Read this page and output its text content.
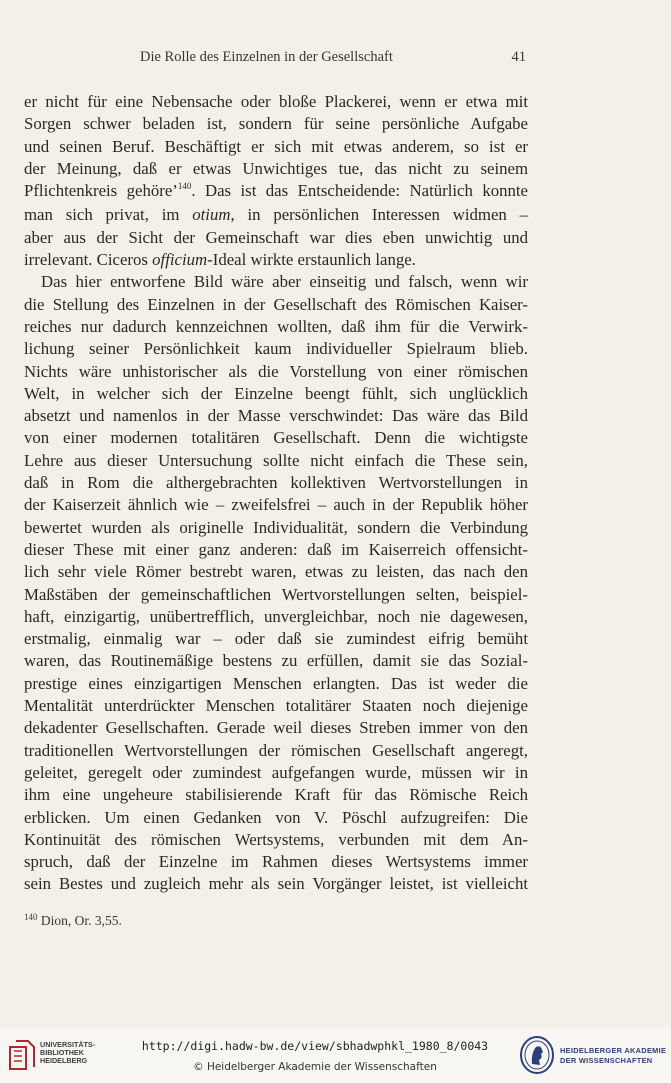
Die Rolle des Einzelnen in der Gesellschaft	41

er nicht für eine Nebensache oder bloße Plackerei, wenn er etwa mit
Sorgen schwer beladen ist, sondern für seine persönliche Aufgabe
und seinen Beruf. Beschäftigt er sich mit etwas anderem, so ist er
der Meinung, daß er etwas Unwichtiges tue, das nicht zu seinem
Pflichtenkreis gehöre’$^{140}$. Das ist das Entscheidende: Natürlich konnte
man sich privat, im otium, in persönlichen Interessen widmen –
aber aus der Sicht der Gemeinschaft war dies eben unwichtig und
irrelevant. Ciceros officium-Ideal wirkte erstaunlich lange.

Das hier entworfene Bild wäre aber einseitig und falsch, wenn wir
die Stellung des Einzelnen in der Gesellschaft des Römischen Kaiser-
reiches nur dadurch kennzeichnen wollten, daß ihm für die Verwirk-
lichung seiner Persönlichkeit kaum individueller Spielraum blieb.
Nichts wäre unhistorischer als die Vorstellung von einer römischen
Welt, in welcher sich der Einzelne beengt fühlt, sich unglücklich
absetzt und namenlos in der Masse verschwindet: Das wäre das Bild
von einer modernen totalitären Gesellschaft. Denn die wichtigste
Lehre aus dieser Untersuchung sollte nicht einfach die These sein,
daß in Rom die althergebrachten kollektiven Wertvorstellungen in
der Kaiserzeit ähnlich wie – zweifelsfrei – auch in der Republik höher
bewertet wurden als originelle Individualität, sondern die Verbindung
dieser These mit einer ganz anderen: daß im Kaiserreich offensicht-
lich sehr viele Römer bestrebt waren, etwas zu leisten, das nach den
Maßstäben der gemeinschaftlichen Wertvorstellungen selten, beispiel-
haft, einzigartig, unübertrefflich, unvergleichbar, noch nie dagewesen,
erstmalig, einmalig war – oder daß sie zumindest eifrig bemüht
waren, das Routinemäßige bestens zu erfüllen, damit sie das Sozial-
prestige eines einzigartigen Menschen erlangten. Das ist weder die
Mentalität unterdrückter Menschen totalitärer Staaten noch diejenige
dekadenter Gesellschaften. Gerade weil dieses Streben immer von den
traditionellen Wertvorstellungen der römischen Gesellschaft angeregt,
geleitet, geregelt oder zumindest aufgefangen wurde, müssen wir in
ihm eine ungeheure stabilisierende Kraft für das Römische Reich
erblicken. Um einen Gedanken von V. Pöschl aufzugreifen: Die
Kontinuität des römischen Wertsystems, verbunden mit dem An-
spruch, daß der Einzelne im Rahmen dieses Wertsystems immer
sein Bestes und zugleich mehr als sein Vorgänger leistet, ist vielleicht

$^{140}$ Dion, Or. 3,55.
UNIVERSITÄTS-
BIBLIOTHEK
HEIDELBERG
http://digi.hadw-bw.de/view/sbhadwphkl_1980_8/0043
© Heidelberger Akademie der Wissenschaften
HEIDELBERGER AKADEMIE
DER WISSENSCHAFTEN
